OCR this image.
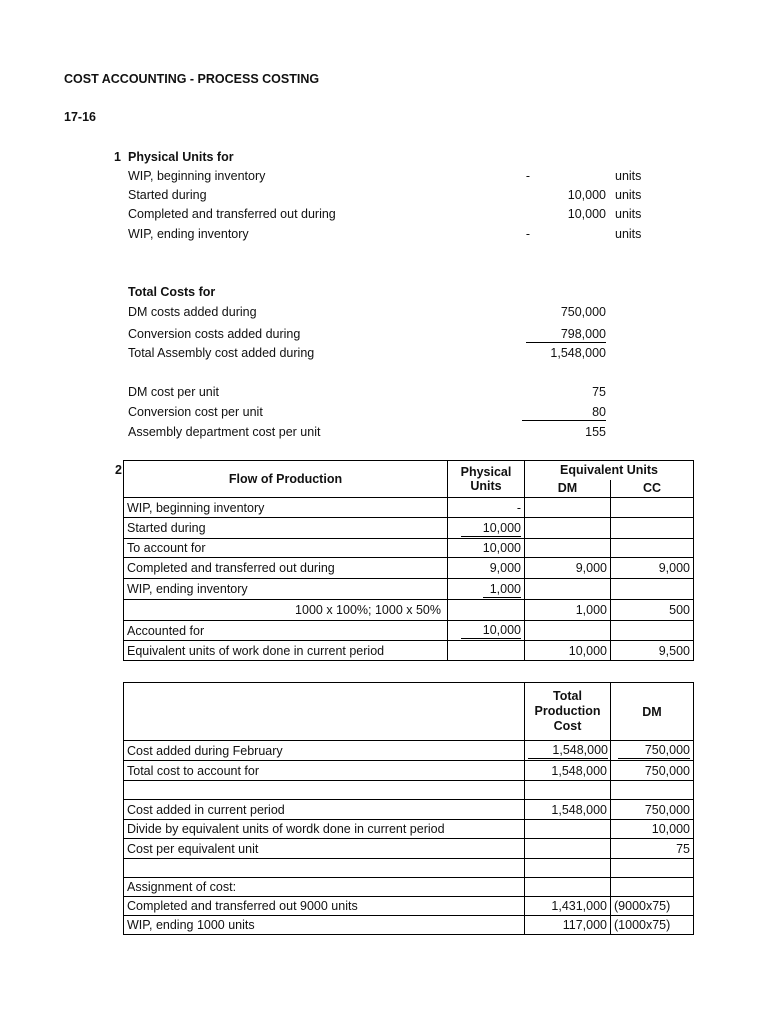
COST ACCOUNTING - PROCESS COSTING
17-16
1 Physical Units for
WIP, beginning inventory	-	units
Started during	10,000 units
Completed and transferred out during	10,000 units
WIP, ending inventory	-	units
Total Costs for
DM costs added during	750,000
Conversion costs added during	798,000
Total Assembly cost added during	1,548,000
DM cost per unit	75
Conversion cost per unit	80
Assembly department cost per unit	155
2
Flow of Production	Physical Units	Equivalent Units	
		DM	CC
WIP, beginning inventory	-		
Started during	10,000		
To account for	10,000		
Completed and transferred out during	9,000	9,000	9,000
WIP, ending inventory	1,000		
1000 x 100%; 1000 x 50%		1,000	500
Accounted for	10,000		
Equivalent units of work done in current period		10,000	9,500
	Total Production Cost	DM
Cost added during February	1,548,000	750,000
Total cost to account for	1,548,000	750,000

Cost added in current period	1,548,000	750,000
Divide by equivalent units of wordk done in current period		10,000
Cost per equivalent unit		75

Assignment of cost:		
Completed and transferred out 9000 units	1,431,000	(9000x75)
WIP, ending 1000 units	117,000	(1000x75)
